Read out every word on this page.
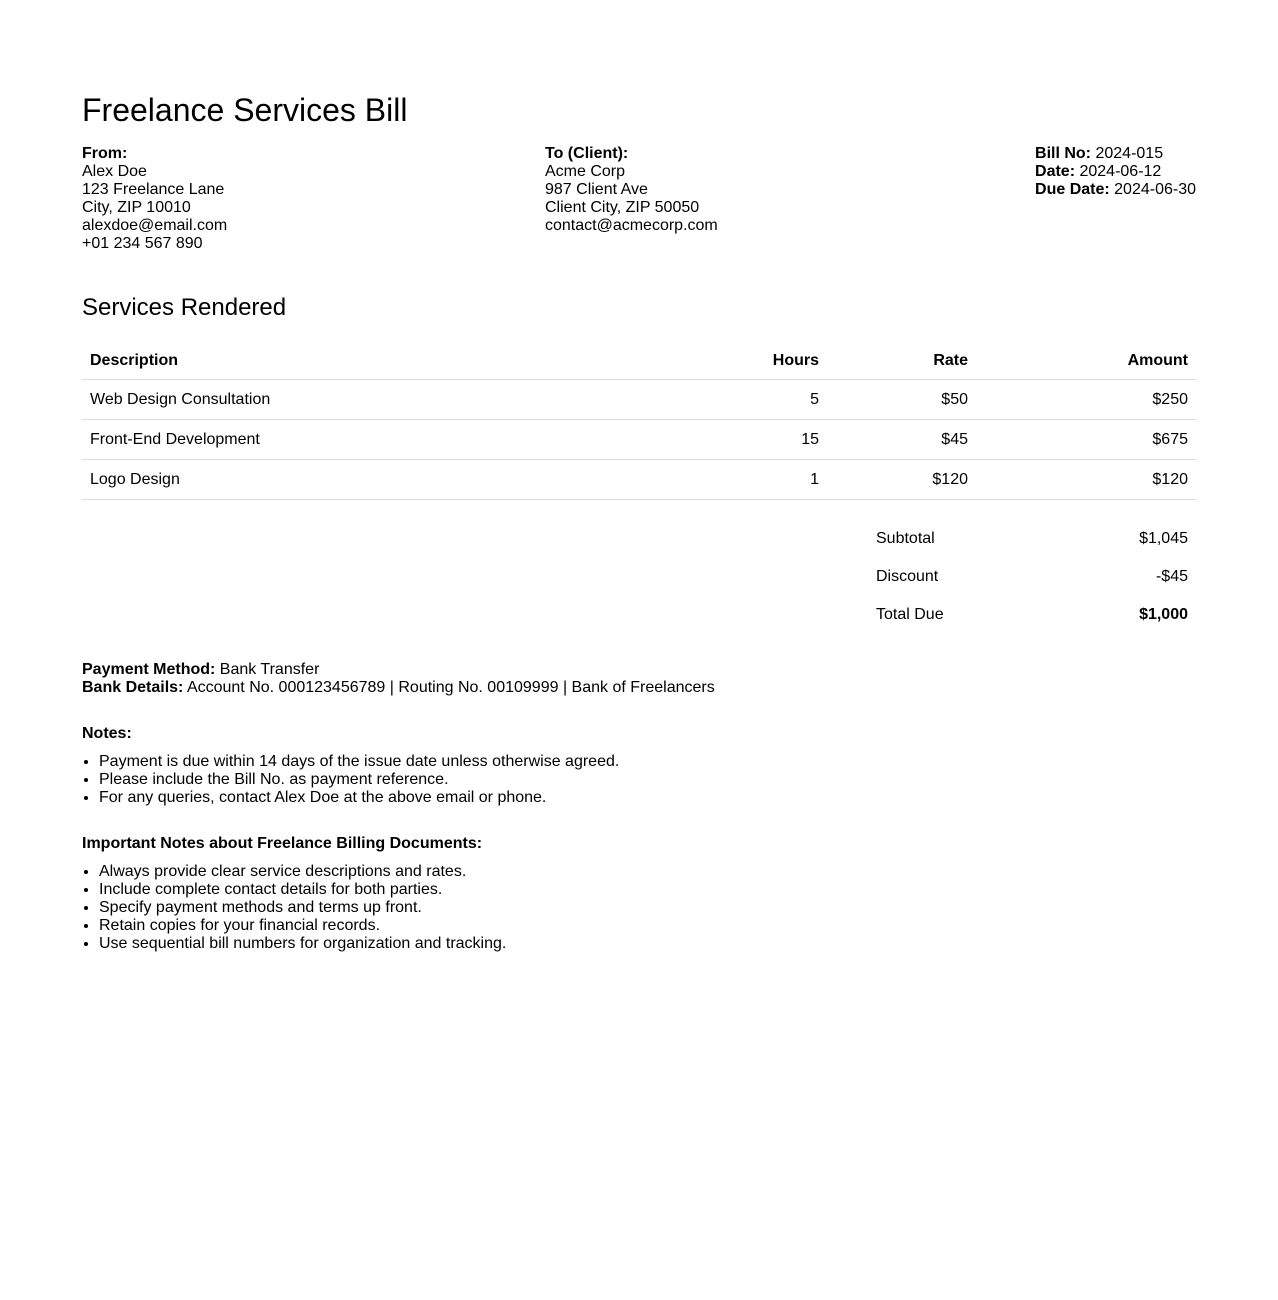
Freelance Services Bill
From:
Alex Doe
123 Freelance Lane
City, ZIP 10010
alexdoe@email.com
+01 234 567 890
To (Client):
Acme Corp
987 Client Ave
Client City, ZIP 50050
contact@acmecorp.com
Bill No: 2024-015
Date: 2024-06-12
Due Date: 2024-06-30
Services Rendered
Description	Hours	Rate	Amount
Web Design Consultation	5	$50	$250
Front-End Development	15	$45	$675
Logo Design	1	$120	$120
Subtotal	$1,045
Discount	-$45
Total Due	$1,000
Payment Method: Bank Transfer
Bank Details: Account No. 000123456789 | Routing No. 00109999 | Bank of Freelancers
Notes:
• Payment is due within 14 days of the issue date unless otherwise agreed.
• Please include the Bill No. as payment reference.
• For any queries, contact Alex Doe at the above email or phone.
Important Notes about Freelance Billing Documents:
• Always provide clear service descriptions and rates.
• Include complete contact details for both parties.
• Specify payment methods and terms up front.
• Retain copies for your financial records.
• Use sequential bill numbers for organization and tracking.
